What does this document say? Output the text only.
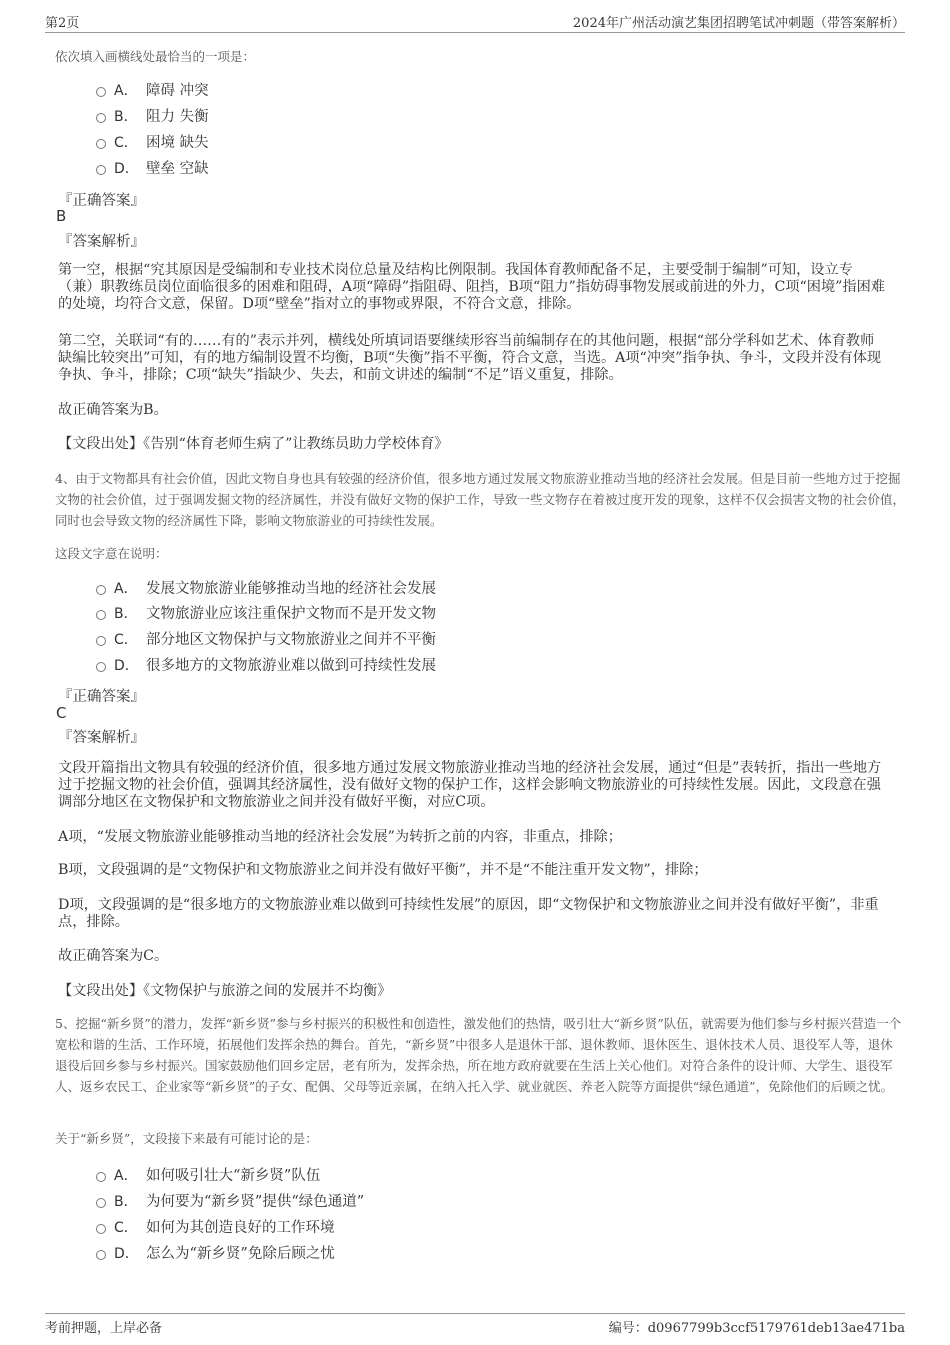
第2页	2024年广州活动演艺集团招聘笔试冲刺题（带答案解析）
依次填入画横线处最恰当的一项是：
A． 障碍 冲突
B． 阻力 失衡
C． 困境 缺失
D． 壁垒 空缺
『正确答案』
B
『答案解析』
第一空，根据“究其原因是受编制和专业技术岗位总量及结构比例限制。我国体育教师配备不足，主要受制于编制”可知，设立专（兼）职教练员岗位面临很多的困难和阻碍，A项“障碍”指阻碍、阻挡，B项“阻力”指妨碍事物发展或前进的外力，C项“困境”指困难的处境，均符合文意，保留。D项“壁垒”指对立的事物或界限，不符合文意，排除。
第二空，关联词“有的……有的”表示并列，横线处所填词语要继续形容当前编制存在的其他问题，根据“部分学科如艺术、体育教师缺编比较突出”可知，有的地方编制设置不均衡，B项“失衡”指不平衡，符合文意，当选。A项“冲突”指争执、争斗，文段并没有体现争执、争斗，排除；C项“缺失”指缺少、失去，和前文讲述的编制“不足”语义重复，排除。
故正确答案为B。
【文段出处】《告别“体育老师生病了”让教练员助力学校体育》
4、由于文物都具有社会价值，因此文物自身也具有较强的经济价值，很多地方通过发展文物旅游业推动当地的经济社会发展。但是目前一些地方过于挖掘文物的社会价值，过于强调发掘文物的经济属性，并没有做好文物的保护工作，导致一些文物存在着被过度开发的现象，这样不仅会损害文物的社会价值，同时也会导致文物的经济属性下降，影响文物旅游业的可持续性发展。
这段文字意在说明：
A． 发展文物旅游业能够推动当地的经济社会发展
B． 文物旅游业应该注重保护文物而不是开发文物
C． 部分地区文物保护与文物旅游业之间并不平衡
D． 很多地方的文物旅游业难以做到可持续性发展
『正确答案』
C
『答案解析』
文段开篇指出文物具有较强的经济价值，很多地方通过发展文物旅游业推动当地的经济社会发展，通过“但是”表转折，指出一些地方过于挖掘文物的社会价值，强调其经济属性，没有做好文物的保护工作，这样会影响文物旅游业的可持续性发展。因此，文段意在强调部分地区在文物保护和文物旅游业之间并没有做好平衡，对应C项。
A项，“发展文物旅游业能够推动当地的经济社会发展”为转折之前的内容，非重点，排除；
B项，文段强调的是“文物保护和文物旅游业之间并没有做好平衡”，并不是“不能注重开发文物”，排除；
D项，文段强调的是“很多地方的文物旅游业难以做到可持续性发展”的原因，即“文物保护和文物旅游业之间并没有做好平衡”，非重点，排除。
故正确答案为C。
【文段出处】《文物保护与旅游之间的发展并不均衡》
5、挖掘“新乡贤”的潜力，发挥“新乡贤”参与乡村振兴的积极性和创造性，激发他们的热情，吸引壮大“新乡贤”队伍，就需要为他们参与乡村振兴营造一个宽松和谐的生活、工作环境，拓展他们发挥余热的舞台。首先，“新乡贤”中很多人是退休干部、退休教师、退休医生、退休技术人员、退役军人等，退休退役后回乡参与乡村振兴。国家鼓励他们回乡定居，老有所为，发挥余热，所在地方政府就要在生活上关心他们。对符合条件的设计师、大学生、退役军人、返乡农民工、企业家等“新乡贤”的子女、配偶、父母等近亲属，在纳入托入学、就业就医、养老入院等方面提供“绿色通道”，免除他们的后顾之忧。
关于“新乡贤”，文段接下来最有可能讨论的是：
A． 如何吸引壮大“新乡贤”队伍
B． 为何要为“新乡贤”提供“绿色通道”
C． 如何为其创造良好的工作环境
D． 怎么为“新乡贤”免除后顾之忧
考前押题，上岸必备	编号：d0967799b3ccf5179761deb13ae471ba
